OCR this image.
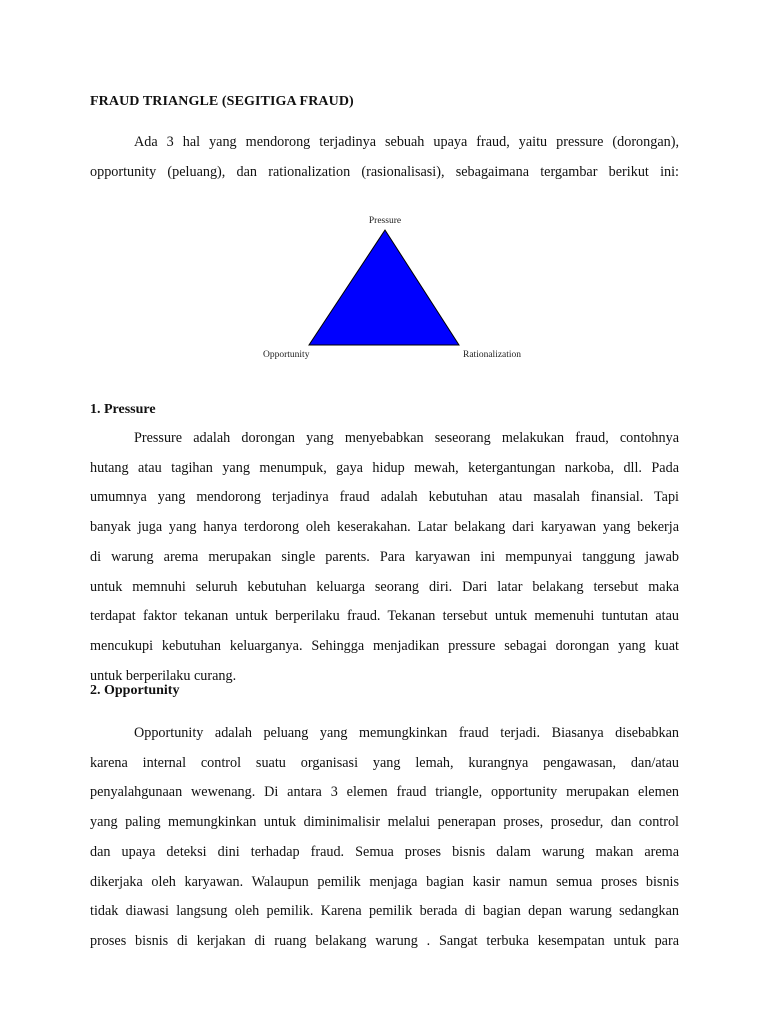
FRAUD TRIANGLE (SEGITIGA FRAUD)
Ada 3 hal yang mendorong terjadinya sebuah upaya fraud, yaitu pressure (dorongan),
opportunity (peluang), dan rationalization (rasionalisasi), sebagaimana tergambar berikut ini:
Pressure
Opportunity	Rationalization
1. Pressure
Pressure adalah dorongan yang menyebabkan seseorang melakukan fraud, contohnya
hutang atau tagihan yang menumpuk, gaya hidup mewah, ketergantungan narkoba, dll. Pada
umumnya yang mendorong terjadinya fraud adalah kebutuhan atau masalah finansial. Tapi
banyak juga yang hanya terdorong oleh keserakahan. Latar belakang dari karyawan yang bekerja
di warung arema merupakan single parents. Para karyawan ini mempunyai tanggung jawab
untuk memnuhi seluruh kebutuhan keluarga seorang diri. Dari latar belakang tersebut maka
terdapat faktor tekanan untuk berperilaku fraud. Tekanan tersebut untuk memenuhi tuntutan atau
mencukupi kebutuhan keluarganya. Sehingga menjadikan pressure sebagai dorongan yang kuat
untuk berperilaku curang.
2. Opportunity
Opportunity adalah peluang yang memungkinkan fraud terjadi. Biasanya disebabkan
karena internal control suatu organisasi yang lemah, kurangnya pengawasan, dan/atau
penyalahgunaan wewenang. Di antara 3 elemen fraud triangle, opportunity merupakan elemen
yang paling memungkinkan untuk diminimalisir melalui penerapan proses, prosedur, dan control
dan upaya deteksi dini terhadap fraud. Semua proses bisnis dalam warung makan arema
dikerjaka oleh karyawan. Walaupun pemilik menjaga bagian kasir namun semua proses bisnis
tidak diawasi langsung oleh pemilik. Karena pemilik berada di bagian depan warung sedangkan
proses bisnis di kerjakan di ruang belakang warung . Sangat terbuka kesempatan untuk para
